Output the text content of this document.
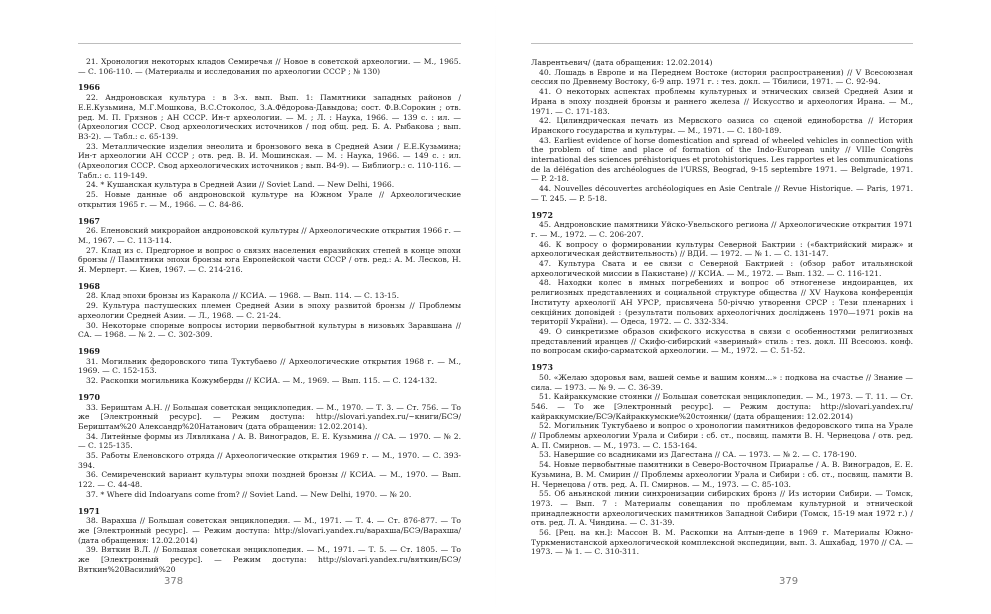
21. Хронология некоторых кладов Семиречья // Новое в советской археологии. — М., 1965. — С. 106-110. — (Материалы и исследования по археологии СССР ; № 130)
1966
22. Андроновская культура : в 3-х. вып. Вып. 1: Памятники западных районов / Е.Е.Кузьмина, М.Г.Мошкова, В.С.Стоколос, З.А.Фёдорова-Давыдова; сост. Ф.В.Сорокин ; отв. ред. М. П. Грязнов ; АН СССР. Ин-т археологии. — М. ; Л. : Наука, 1966. — 139 с. : ил. — (Археология СССР. Свод археологических источников / под общ. ред. Б. А. Рыбакова ; вып. В3-2). — Табл.: с. 65-139.
23. Металлические изделия энеолита и бронзового века в Средней Азии / Е.Е.Кузьмина; Ин-т археологии АН СССР ; отв. ред. В. И. Мошинская. — М. : Наука, 1966. — 149 с. : ил. (Археология СССР. Свод археологических источников ; вып. В4-9). — Библиогр.: с. 110-116. — Табл.: с. 119-149.
24. * Кушанская культура в Средней Азии // Soviet Land. — New Delhi, 1966.
25. Новые данные об андроновской культуре на Южном Урале // Археологические открытия 1965 г. — М., 1966. — С. 84-86.
1967
26. Еленовский микрорайон андроновской культуры // Археологические открытия 1966 г. — М., 1967. — С. 113-114.
27. Клад из с. Предгорное и вопрос о связях населения евразийских степей в конце эпохи бронзы // Памятники эпохи бронзы юга Европейской части СССР / отв. ред.: А. М. Лесков, Н. Я. Мерперт. — Киев, 1967. — С. 214-216.
1968
28. Клад эпохи бронзы из Каракола // КСИА. — 1968. — Вып. 114. — С. 13-15.
29. Культура пастушеских племен Средней Азии в эпоху развитой бронзы // Проблемы археологии Средней Азии. — Л., 1968. — С. 21-24.
30. Некоторые спорные вопросы истории первобытной культуры в низовьях Заравшана // СА. — 1968. — № 2. — С. 302-309.
1969
31. Могильник федоровского типа Туктубаево // Археологические открытия 1968 г. — М., 1969. — С. 152-153.
32. Раскопки могильника Кожумберды // КСИА. — М., 1969. — Вып. 115. — С. 124-132.
1970
33. Бериштам А.Н. // Большая советская энциклопедия. — М., 1970. — Т. 3. — Ст. 756. — То же [Электронный ресурс]. — Режим доступа: http://slovari.yandex.ru/~книги/БСЭ/Бериштам%20 Александр%20Натанович (дата обращения: 12.02.2014).
34. Литейные формы из Лявлякана / А. В. Виноградов, Е. Е. Кузьмина // СА. — 1970. — № 2. — С. 125-135.
35. Работы Еленовского отряда // Археологические открытия 1969 г. — М., 1970. — С. 393-394.
36. Семиреченский вариант культуры эпохи поздней бронзы // КСИА. — М., 1970. — Вып. 122. — С. 44-48.
37. * Where did Indoaryans come from? // Soviet Land. — New Delhi, 1970. — № 20.
1971
38. Вараxша // Большая советская энциклопедия. — М., 1971. — Т. 4. — Ст. 876-877. — То же [Электронный ресурс]. — Режим доступа: http://slovari.yandex.ru/варахша/БСЭ/Варахша/ (дата обращения: 12.02.2014)
39. Вяткин В.Л. // Большая советская энциклопедия. — М., 1971. — Т. 5. — Ст. 1805. — То же [Электронный ресурс]. — Режим доступа: http://slovari.yandex.ru/вяткин/БСЭ/Вяткин%20Василий%20
378
Лаврентьевич/ (дата обращения: 12.02.2014)
40. Лошадь в Европе и на Переднем Востоке (история распространения) // V Всесоюзная сессия по Древнему Востоку, 6-9 апр. 1971 г. : тез. докл. — Тбилиси, 1971. — С. 92-94.
41. О некоторых аспектах проблемы культурных и этнических связей Средней Азии и Ирана в эпоху поздней бронзы и раннего железа // Искусство и археология Ирана. — М., 1971. — С. 171-183.
42. Цилиндрическая печать из Мервского оазиса со сценой единоборства // История Иранского государства и культуры. — М., 1971. — С. 180-189.
43. Earliest evidence of horse domestication and spread of wheeled vehicles in connection with the problem of time and place of formation of the Indo-European unity // VIIIe Congrès international des sciences préhistoriques et protohistoriques. Les rapportes et les communications de la délégation des archéologues de l'URSS, Beograd, 9-15 septembre 1971. — Belgrade, 1971. — P. 2-18.
44. Nouvelles découvertes archéologiques en Asie Centrale // Revue Historique. — Paris, 1971. — T. 245. — P. 5-18.
1972
45. Андроновские памятники Уйско-Увельского региона // Археологические открытия 1971 г. — М., 1972. — С. 206-207.
46. К вопросу о формировании культуры Северной Бактрии : («бактрийский мираж» и археологическая действительность) // ВДИ. — 1972. — № 1. — С. 131-147.
47. Культура Свата и ее связи с Северной Бактрией : (обзор работ итальянской археологической миссии в Пакистане) // КСИА. — М., 1972. — Вып. 132. — С. 116-121.
48. Находки колес в ямных погребениях и вопрос об этногенезе индоиранцев, их религиозных представлениях и социальной структуре общества // XV Наукова конференція Інституту археології АН УРСР, присвячена 50-річчю утворення СРСР : Тези пленарних і секційних доповідей : (результати польових археологічних досліджень 1970—1971 років на території України). — Одеса, 1972. — С. 332-334.
49. О синкретизме образов скифского искусства в связи с особенностями религиозных представлений иранцев // Скифо-сибирский «звериный» стиль : тез. докл. III Всесоюз. конф. по вопросам скифо-сарматской археологии. — М., 1972. — С. 51-52.
1973
50. «Желаю здоровья вам, вашей семье и вашим коням...» : подкова на счастье // Знание — сила. — 1973. — № 9. — С. 36-39.
51. Кайраккумские стоянки // Большая советская энциклопедия. — М., 1973. — Т. 11. — Ст. 546. — То же [Электронный ресурс]. — Режим доступа: http://slovari.yandex.ru/кайраккумские/БСЭ/Кайраккумские%20стоянки/ (дата обращения: 12.02.2014)
52. Могильник Туктубаево и вопрос о хронологии памятников федоровского типа на Урале // Проблемы археологии Урала и Сибири : сб. ст., посвящ. памяти В. Н. Чернецова / отв. ред. А. П. Смирнов. — М., 1973. — С. 153-164.
53. Навершие со всадниками из Дагестана // СА. — 1973. — № 2. — С. 178-190.
54. Новые первобытные памятники в Северо-Восточном Приаралье / А. В. Виноградов, Е. Е. Кузьмина, В. М. Смирин // Проблемы археологии Урала и Сибири : сб. ст., посвящ. памяти В. Н. Чернецова / отв. ред. А. П. Смирнов. — М., 1973. — С. 85-103.
55. Об аньянской линии синхронизации сибирских бронз // Из истории Сибири. — Томск, 1973. — Вып. 7 : Материалы совещания по проблемам культурной и этнической принадлежности археологических памятников Западной Сибири (Томск, 15-19 мая 1972 г.) / отв. ред. Л. А. Чиндина. — С. 31-39.
56. [Рец. на кн.]: Массон В. М. Раскопки на Алтын-депе в 1969 г. Материалы Южно-Туркменистанской археологической комплексной экспедиции, вып. 3. Ашхабад, 1970 // СА. — 1973. — № 1. — С. 310-311.
379
